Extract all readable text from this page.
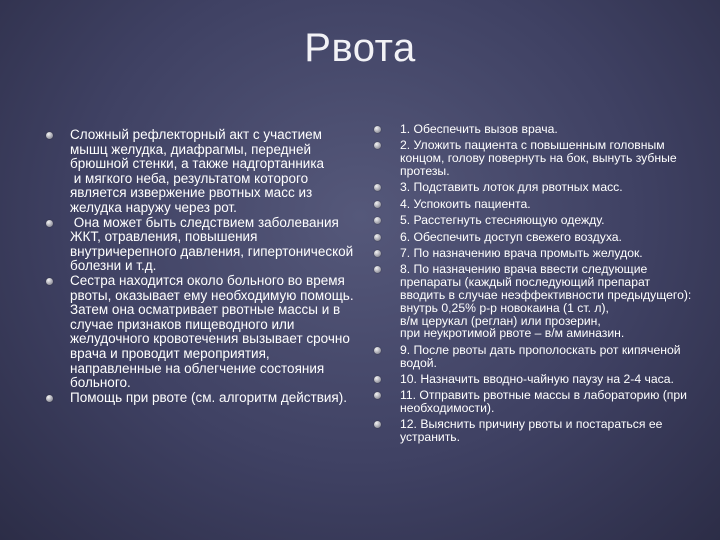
Рвота
Сложный рефлекторный акт с участием мышц желудка, диафрагмы, передней брюшной стенки, а также надгортанника
и мягкого неба, результатом которого является извержение рвотных масс из желудка наружу через рот.
Она может быть следствием заболевания ЖКТ, отравления, повышения внутричерепного давления, гипертонической болезни и т.д.
Сестра находится около больного во время рвоты, оказывает ему необходимую помощь. Затем она осматривает рвотные массы и в случае признаков пищеводного или желудочного кровотечения вызывает срочно врача и проводит мероприятия, направленные на облегчение состояния больного.
Помощь при рвоте (см. алгоритм действия).
1. Обеспечить вызов врача.
2. Уложить пациента с повышенным головным концом, голову повернуть на бок, вынуть зубные протезы.
3. Подставить лоток для рвотных масс.
4. Успокоить пациента.
5. Расстегнуть стесняющую одежду.
6. Обеспечить доступ свежего воздуха.
7. По назначению врача промыть желудок.
8. По назначению врача ввести следующие препараты (каждый последующий препарат вводить в случае неэффективности предыдущего):
внутрь 0,25% р-р новокаина (1 ст. л),
в/м церукал (реглан) или прозерин,
при неукротимой рвоте – в/м аминазин.
9. После рвоты дать прополоскать рот кипяченой водой.
10. Назначить вводно-чайную паузу на 2-4 часа.
11. Отправить рвотные массы в лабораторию (при необходимости).
12. Выяснить причину рвоты и постараться ее устранить.
